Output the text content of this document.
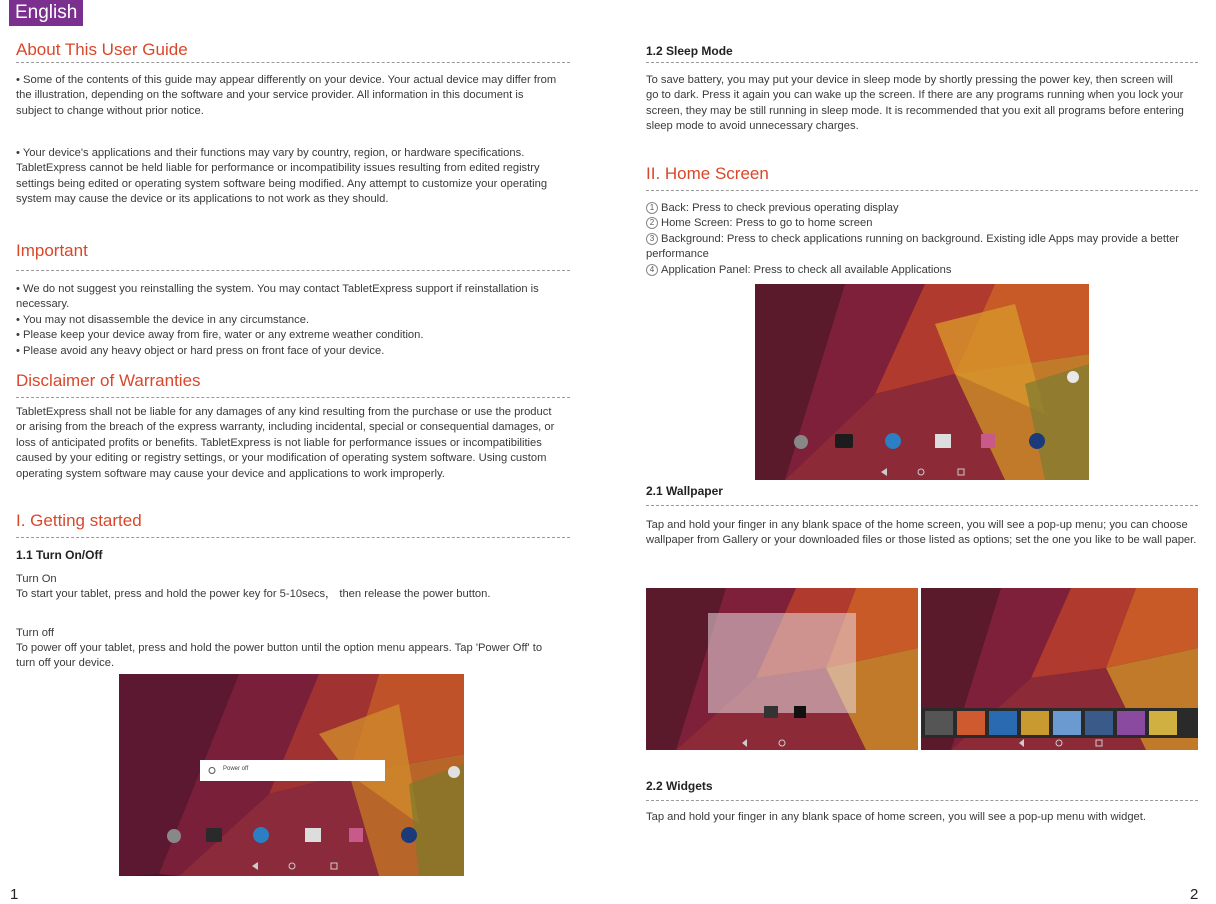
English
About This User Guide

• Some of the contents of this guide may appear differently on your device. Your actual device may differ from the illustration, depending on the software and your service provider. All information in this document is subject to change without prior notice.

• Your device's applications and their functions may vary by country, region, or hardware specifications. TabletExpress cannot be held liable for performance or incompatibility issues resulting from edited registry settings being edited or operating system software being modified. Any attempt to customize your operating system may cause the device or its applications to not work as they should.

Important

• We do not suggest you reinstalling the system. You may contact TabletExpress support if reinstallation is necessary.

• You may not disassemble the device in any circumstance.

• Please keep your device away from fire, water or any extreme weather condition.

• Please avoid any heavy object or hard press on front face of your device.

Disclaimer of Warranties

TabletExpress shall not be liable for any damages of any kind resulting from the purchase or use the product or arising from the breach of the express warranty, including incidental, special or consequential damages, or loss of anticipated profits or benefits. TabletExpress is not liable for performance issues or incompatibilities caused by your editing or registry settings, or your modification of operating system software. Using custom operating system software may cause your device and applications to work improperly.

I. Getting started
1.1 Turn On/Off

Turn On

To start your tablet, press and hold the power key for 5-10secs， then release the power button.

Turn off

To power off your tablet, press and hold the power button until the option menu appears. Tap 'Power Off' to turn off your device.

Power off
1
1.2 Sleep Mode

To save battery, you may put your device in sleep mode by shortly pressing the power key, then screen will go to dark. Press it again you can wake up the screen. If there are any programs running when you lock your screen, they may be still running in sleep mode. It is recommended that you exit all programs before entering sleep mode to avoid unnecessary charges.

II. Home Screen

1 Back: Press to check previous operating display

2 Home Screen: Press to go to home screen

3 Background: Press to check applications running on background. Existing idle Apps may provide a better performance

4 Application Panel: Press to check all available Applications

2.1 Wallpaper

Tap and hold your finger in any blank space of the home screen, you will see a pop-up menu; you can choose wallpaper from Gallery or your downloaded files or those listed as options; set the one you like to be wall paper.

2.2 Widgets

Tap and hold your finger in any blank space of home screen, you will see a pop-up menu with widget.

2
